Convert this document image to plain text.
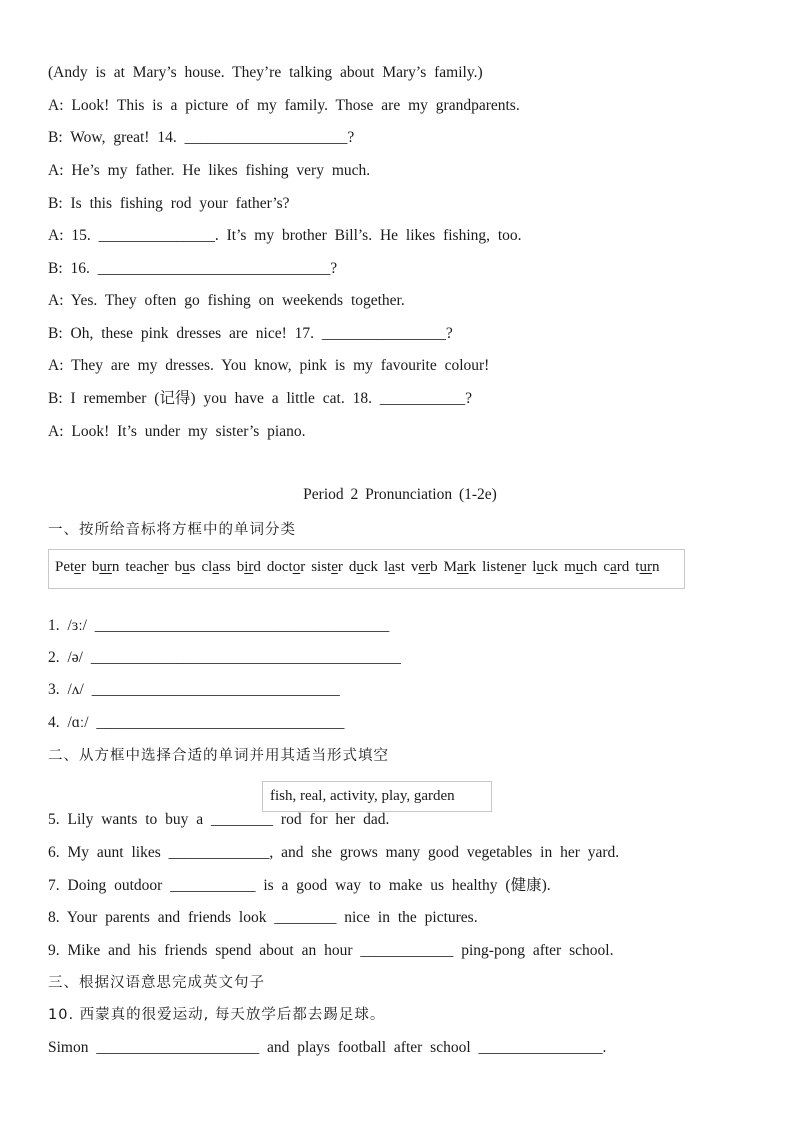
(Andy is at Mary’s house. They’re talking about Mary’s family.)
A: Look! This is a picture of my family. Those are my grandparents.
B: Wow, great! 14. _____________________?
A: He’s my father. He likes fishing very much.
B: Is this fishing rod your father’s?
A: 15. _______________. It’s my brother Bill’s. He likes fishing, too.
B: 16. ______________________________?
A: Yes. They often go fishing on weekends together.
B: Oh, these pink dresses are nice! 17. ________________?
A: They are my dresses. You know, pink is my favourite colour!
B: I remember (记得) you have a little cat. 18. ___________?
A: Look! It’s under my sister’s piano.
Period 2 Pronunciation (1-2e)
一、按所给音标将方框中的单词分类
Peter burn teacher bus class bird doctor sister duck last verb Mark listener luck much card turn
1. /ɜː/ ______________________________________
2. /ə/ ________________________________________
3. /ʌ/ ________________________________
4. /ɑː/ ________________________________
二、从方框中选择合适的单词并用其适当形式填空
fish, real, activity, play, garden
5. Lily wants to buy a ________ rod for her dad.
6. My aunt likes _____________, and she grows many good vegetables in her yard.
7. Doing outdoor ___________ is a good way to make us healthy (健康).
8. Your parents and friends look ________ nice in the pictures.
9. Mike and his friends spend about an hour ____________ ping-pong after school.
三、根据汉语意思完成英文句子
10. 西蒙真的很爱运动, 每天放学后都去踢足球。
Simon _____________________ and plays football after school ________________.
